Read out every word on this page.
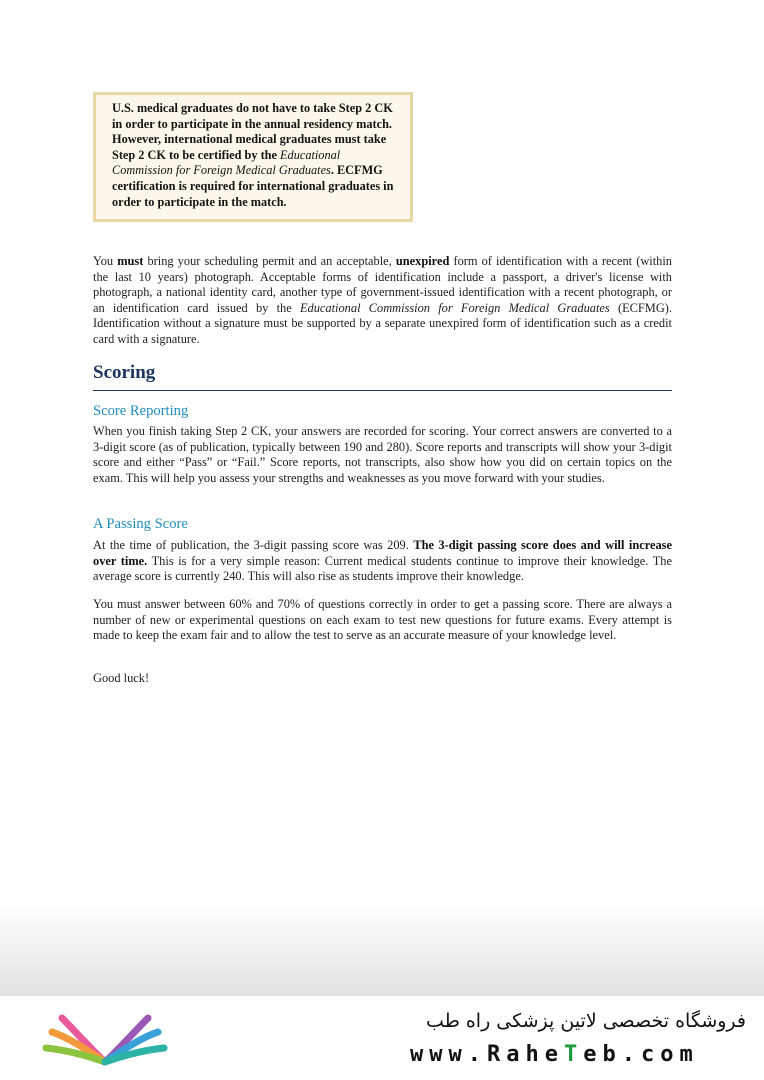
U.S. medical graduates do not have to take Step 2 CK in order to participate in the annual residency match. However, international medical graduates must take Step 2 CK to be certified by the Educational Commission for Foreign Medical Graduates. ECFMG certification is required for international graduates in order to participate in the match.
You must bring your scheduling permit and an acceptable, unexpired form of identification with a recent (within the last 10 years) photograph. Acceptable forms of identification include a passport, a driver's license with photograph, a national identity card, another type of government-issued identification with a recent photograph, or an identification card issued by the Educational Commission for Foreign Medical Graduates (ECFMG). Identification without a signature must be supported by a separate unexpired form of identification such as a credit card with a signature.
Scoring
Score Reporting
When you finish taking Step 2 CK, your answers are recorded for scoring. Your correct answers are converted to a 3-digit score (as of publication, typically between 190 and 280). Score reports and transcripts will show your 3-digit score and either “Pass” or “Fail.” Score reports, not transcripts, also show how you did on certain topics on the exam. This will help you assess your strengths and weaknesses as you move forward with your studies.
A Passing Score
At the time of publication, the 3-digit passing score was 209. The 3-digit passing score does and will increase over time. This is for a very simple reason: Current medical students continue to improve their knowledge. The average score is currently 240. This will also rise as students improve their knowledge.
You must answer between 60% and 70% of questions correctly in order to get a passing score. There are always a number of new or experimental questions on each exam to test new questions for future exams. Every attempt is made to keep the exam fair and to allow the test to serve as an accurate measure of your knowledge level.
Good luck!
فروشگاه تخصصی لاتین پزشکی راه طب
www.RaheTeb.com
